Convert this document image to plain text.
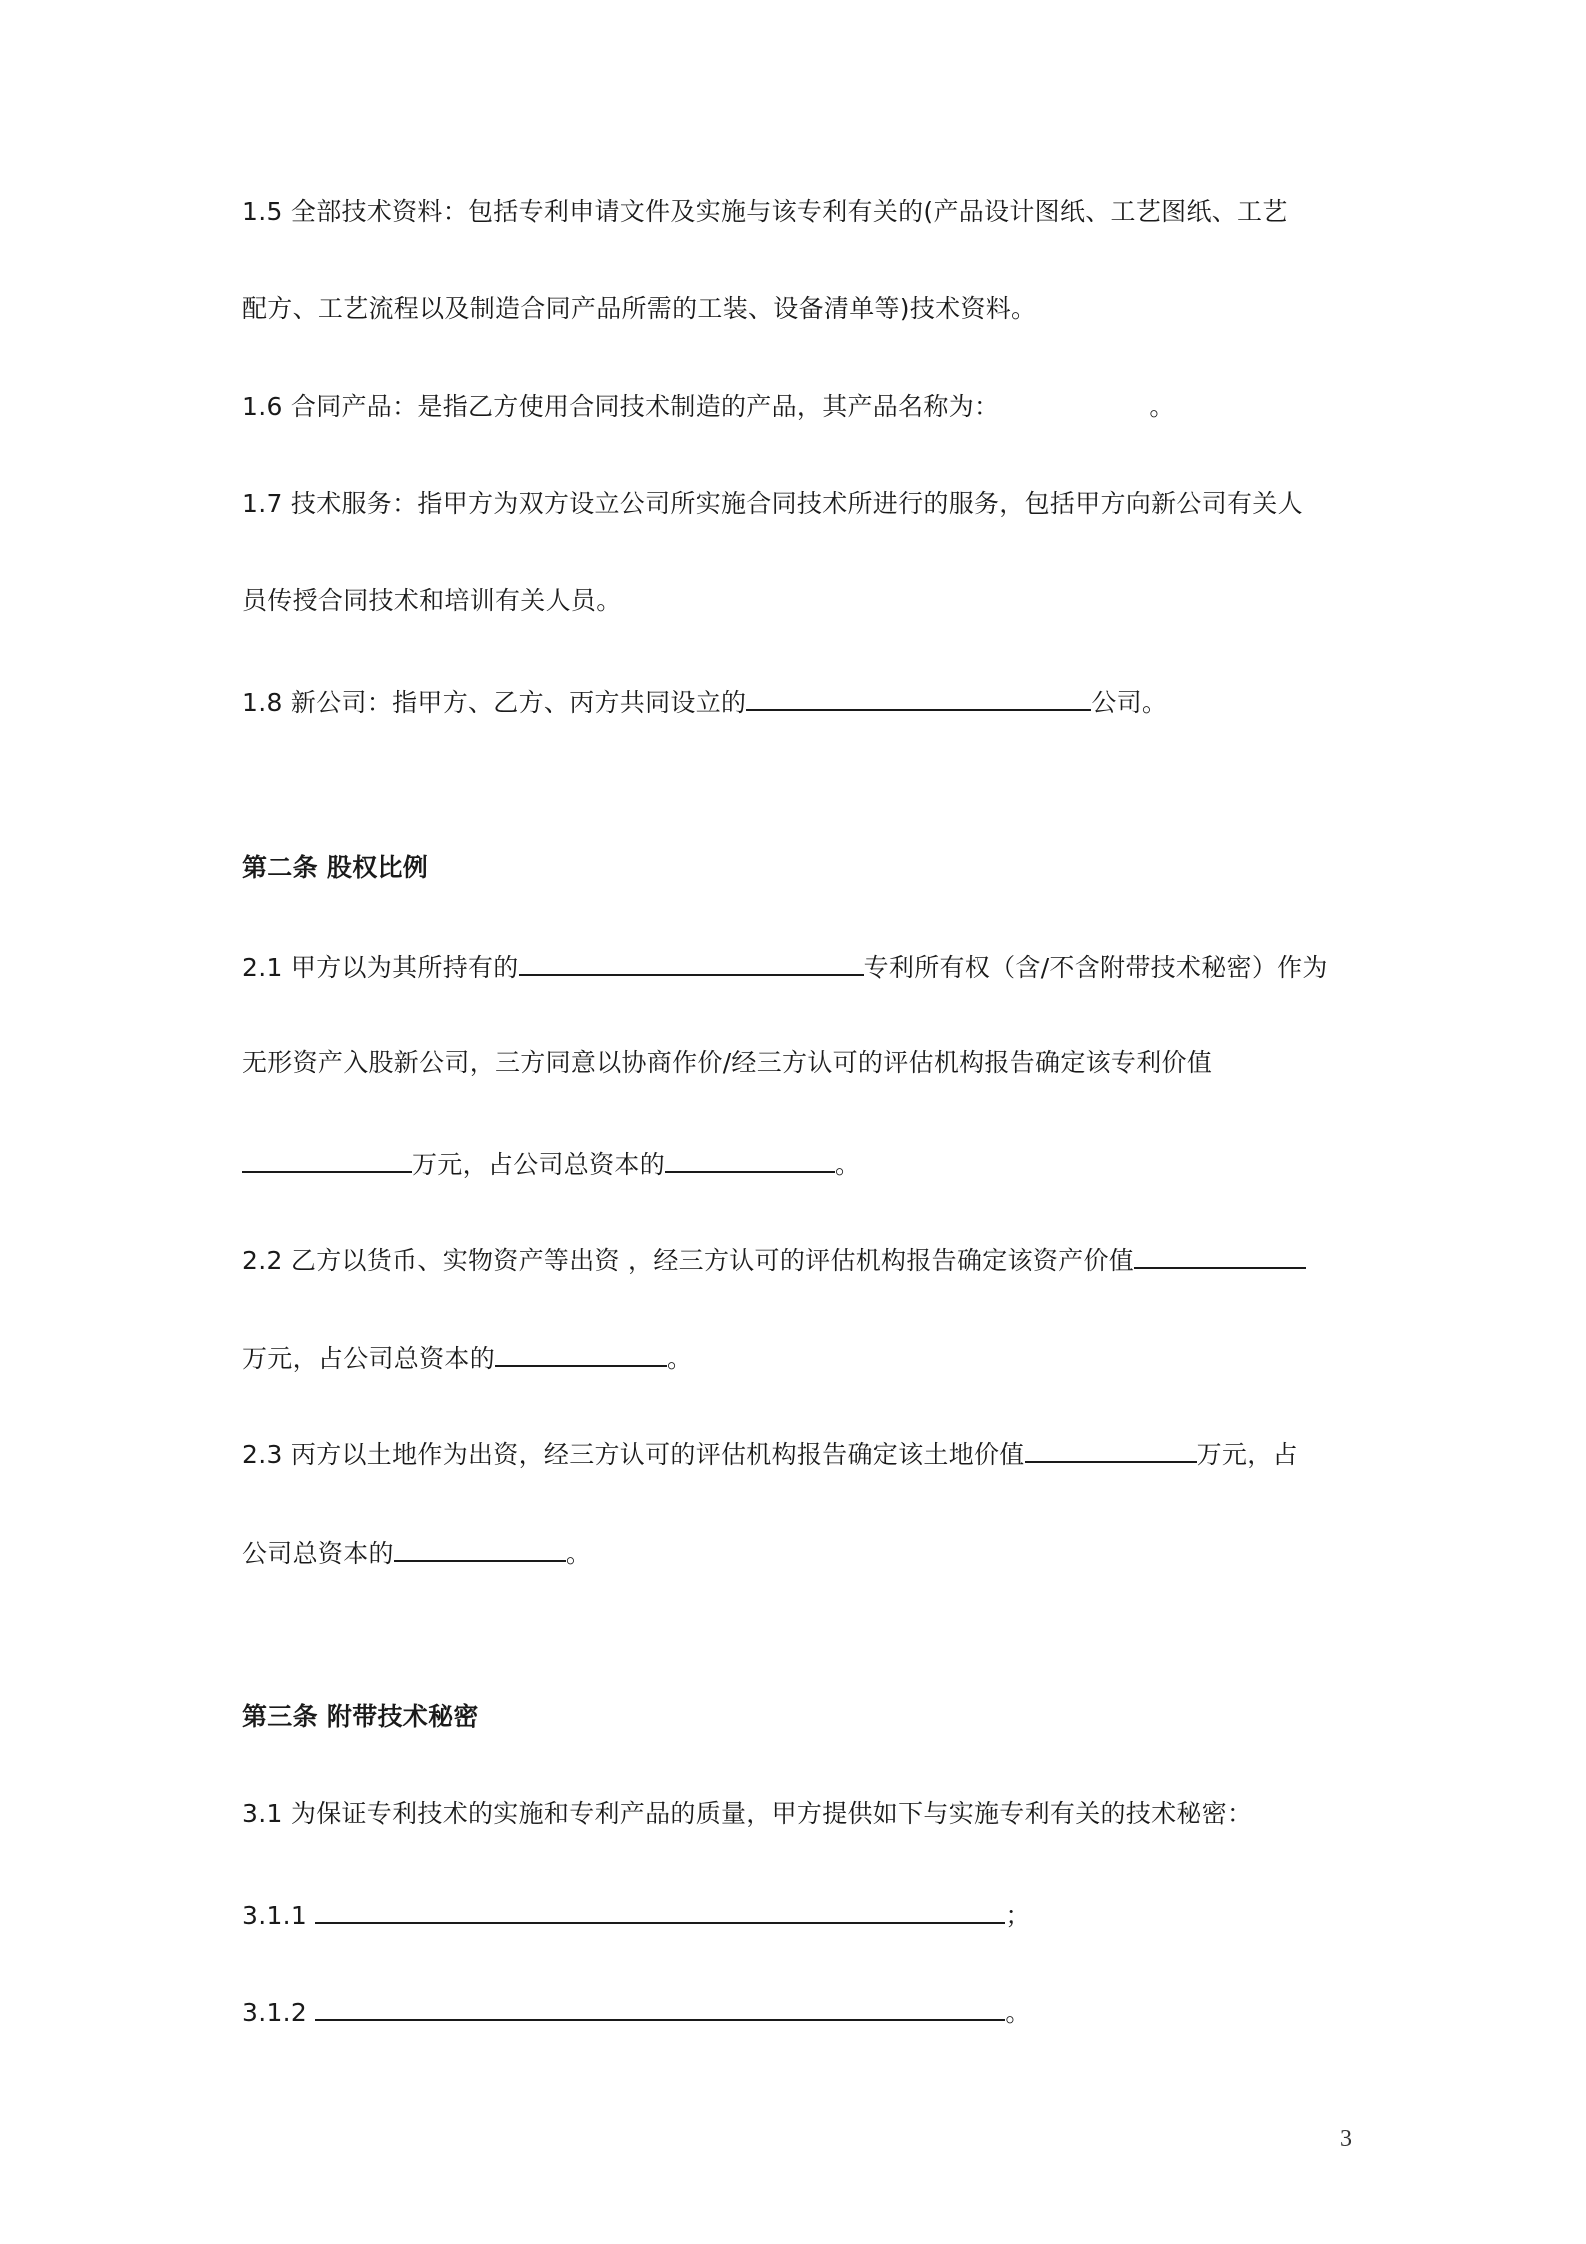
1.5 全部技术资料：包括专利申请文件及实施与该专利有关的(产品设计图纸、工艺图纸、工艺
配方、工艺流程以及制造合同产品所需的工装、设备清单等)技术资料。
1.6 合同产品：是指乙方使用合同技术制造的产品，其产品名称为：	。
1.7 技术服务：指甲方为双方设立公司所实施合同技术所进行的服务，包括甲方向新公司有关人
员传授合同技术和培训有关人员。
1.8 新公司：指甲方、乙方、丙方共同设立的	公司。
第二条 股权比例
2.1 甲方以为其所持有的	专利所有权（含/不含附带技术秘密）作为
无形资产入股新公司，三方同意以协商作价/经三方认可的评估机构报告确定该专利价值
万元，占公司总资本的	。
2.2 乙方以货币、实物资产等出资 ，经三方认可的评估机构报告确定该资产价值
万元，占公司总资本的	。
2.3 丙方以土地作为出资，经三方认可的评估机构报告确定该土地价值	万元，占
公司总资本的	。
第三条 附带技术秘密
3.1 为保证专利技术的实施和专利产品的质量，甲方提供如下与实施专利有关的技术秘密：
3.1.1	；
3.1.2	。
3
